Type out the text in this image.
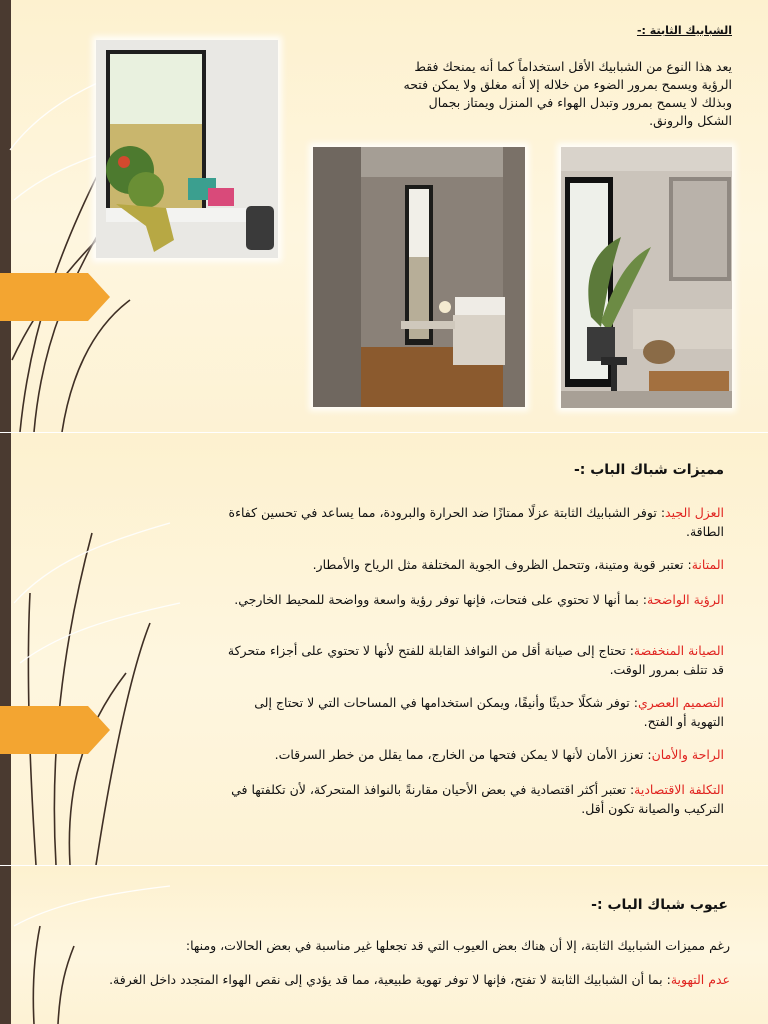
الشبابيك الثابتة :-
يعد هذا النوع من الشبابيك الأقل استخداماً كما أنه يمنحك فقط الرؤية ويسمح بمرور الضوء من خلاله إلا أنه مغلق ولا يمكن فتحه وبذلك لا يسمح بمرور وتبدل الهواء في المنزل ويمتاز بجمال الشكل والرونق.
مميزات شباك الباب :-
العزل الجيد: توفر الشبابيك الثابتة عزلًا ممتازًا ضد الحرارة والبرودة، مما يساعد في تحسين كفاءة الطاقة.
المتانة: تعتبر قوية ومتينة، وتتحمل الظروف الجوية المختلفة مثل الرياح والأمطار.
الرؤية الواضحة: بما أنها لا تحتوي على فتحات، فإنها توفر رؤية واسعة وواضحة للمحيط الخارجي.
الصيانة المنخفضة: تحتاج إلى صيانة أقل من النوافذ القابلة للفتح لأنها لا تحتوي على أجزاء متحركة قد تتلف بمرور الوقت.
التصميم العصري: توفر شكلًا حديثًا وأنيقًا، ويمكن استخدامها في المساحات التي لا تحتاج إلى التهوية أو الفتح.
الراحة والأمان: تعزز الأمان لأنها لا يمكن فتحها من الخارج، مما يقلل من خطر السرقات.
التكلفة الاقتصادية: تعتبر أكثر اقتصادية في بعض الأحيان مقارنةً بالنوافذ المتحركة، لأن تكلفتها في التركيب والصيانة تكون أقل.
عيوب شباك الباب :-
رغم مميزات الشبابيك الثابتة، إلا أن هناك بعض العيوب التي قد تجعلها غير مناسبة في بعض الحالات، ومنها:
عدم التهوية: بما أن الشبابيك الثابتة لا تفتح، فإنها لا توفر تهوية طبيعية، مما قد يؤدي إلى نقص الهواء المتجدد داخل الغرفة.
